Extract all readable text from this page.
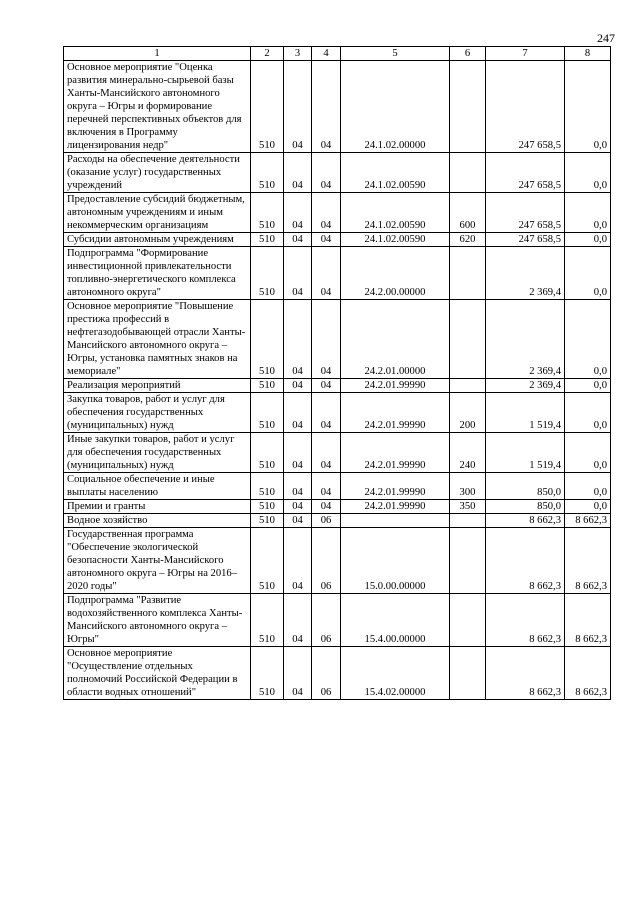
247
1	2	3	4	5	6	7	8
Основное мероприятие "Оценка развития минерально-сырьевой базы Ханты-Мансийского автономного округа – Югры и формирование перечней перспективных объектов для включения в Программу лицензирования недр"	510	04	04	24.1.02.00000		247 658,5	0,0
Расходы на обеспечение деятельности (оказание услуг) государственных учреждений	510	04	04	24.1.02.00590		247 658,5	0,0
Предоставление субсидий бюджетным, автономным учреждениям и иным некоммерческим организациям	510	04	04	24.1.02.00590	600	247 658,5	0,0
Субсидии автономным учреждениям	510	04	04	24.1.02.00590	620	247 658,5	0,0
Подпрограмма "Формирование инвестиционной привлекательности топливно-энергетического комплекса автономного округа"	510	04	04	24.2.00.00000		2 369,4	0,0
Основное мероприятие "Повышение престижа профессий в нефтегазодобывающей отрасли Ханты-Мансийского автономного округа – Югры, установка памятных знаков на мемориале"	510	04	04	24.2.01.00000		2 369,4	0,0
Реализация мероприятий	510	04	04	24.2.01.99990		2 369,4	0,0
Закупка товаров, работ и услуг для обеспечения государственных (муниципальных) нужд	510	04	04	24.2.01.99990	200	1 519,4	0,0
Иные закупки товаров, работ и услуг для обеспечения государственных (муниципальных) нужд	510	04	04	24.2.01.99990	240	1 519,4	0,0
Социальное обеспечение и иные выплаты населению	510	04	04	24.2.01.99990	300	850,0	0,0
Премии и гранты	510	04	04	24.2.01.99990	350	850,0	0,0
Водное хозяйство	510	04	06			8 662,3	8 662,3
Государственная программа "Обеспечение экологической безопасности Ханты-Мансийского автономного округа – Югры на 2016–2020 годы"	510	04	06	15.0.00.00000		8 662,3	8 662,3
Подпрограмма "Развитие водохозяйственного комплекса Ханты-Мансийского автономного округа – Югры"	510	04	06	15.4.00.00000		8 662,3	8 662,3
Основное мероприятие "Осуществление отдельных полномочий Российской Федерации в области водных отношений"	510	04	06	15.4.02.00000		8 662,3	8 662,3
